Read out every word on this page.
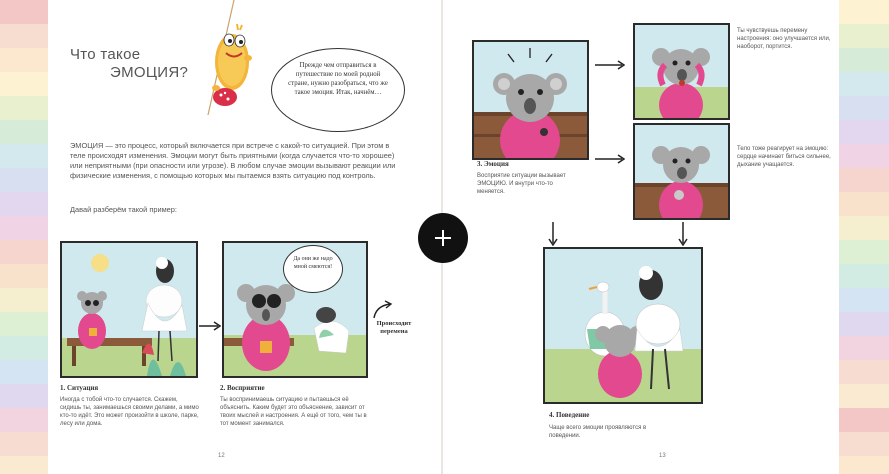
Что такое
ЭМОЦИЯ?	Прежде чем отправиться в путешествие по моей родной стране, нужно разобраться, что же такое эмоция. Итак, начнём…
ЭМОЦИЯ — это процесс, который включается при встрече с какой-то ситуацией. При этом в теле происходят изменения. Эмоции могут быть приятными (когда случается что-то хорошее) или неприятными (при опасности или угрозе). В любом случае эмоции вызывают реакции или физические изменения, с помощью которых мы пытаемся взять ситуацию под контроль.
Давай разберём такой пример:
Да они же надо мной смеются!
Происходит перемена
1. Ситуация
Иногда с тобой что-то случается. Скажем, сидишь ты, занимаешься своими делами, а мимо кто-то идёт. Это может произойти в школе, парке, лесу или дома.
2. Восприятие
Ты воспринимаешь ситуацию и пытаешься её объяснить. Каким будет это объяснение, зависит от твоих мыслей и настроения. А ещё от того, чем ты в тот момент занимался.
12
Ты чувствуешь перемену настроения: оно улучшается или, наоборот, портится.
Тело тоже реагирует на эмоцию: сердце начинает биться сильнее, дыхание учащается.
3. Эмоция
Восприятие ситуации вызывает ЭМОЦИЮ. И внутри что-то меняется.
4. Поведение
Чаще всего эмоции проявляются в поведении.
13
